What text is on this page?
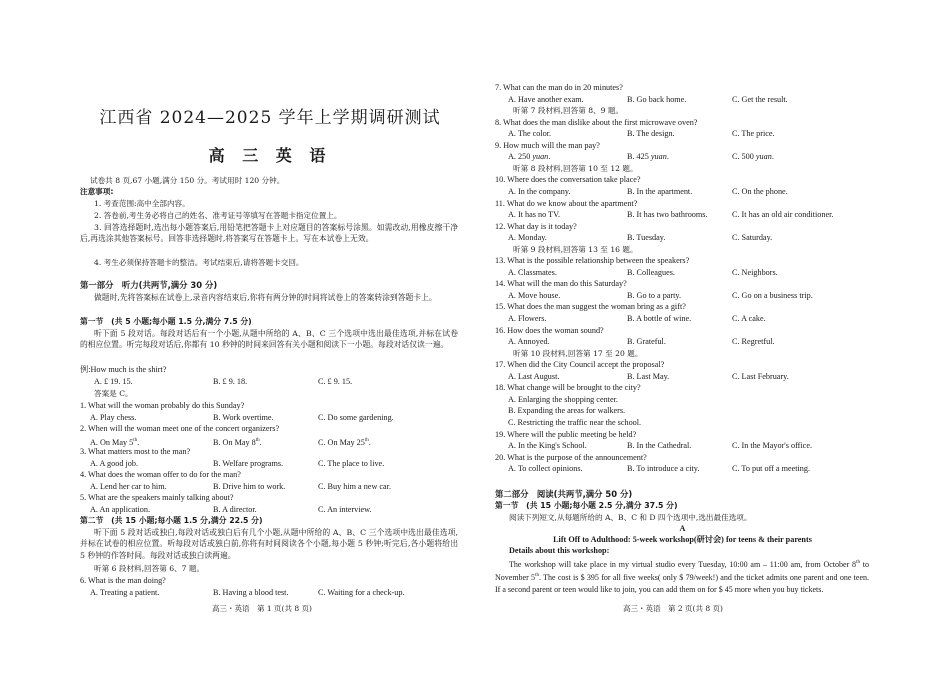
江西省 2024—2025 学年上学期调研测试
高 三 英 语
试卷共 8 页,67 小题,满分 150 分。考试用时 120 分钟。
注意事项:
1. 考查范围:高中全部内容。
2. 答卷前,考生务必将自己的姓名、准考证号等填写在答题卡指定位置上。
3. 回答选择题时,选出每小题答案后,用铅笔把答题卡上对应题目的答案标号涂黑。如需改动,用橡皮擦干净后,再选涂其他答案标号。回答非选择题时,将答案写在答题卡上。写在本试卷上无效。
4. 考生必须保持答题卡的整洁。考试结束后,请将答题卡交回。
第一部分　听力(共两节,满分 30 分)
做题时,先将答案标在试卷上,录音内容结束后,你将有两分钟的时间将试卷上的答案转涂到答题卡上。
第一节　(共 5 小题;每小题 1.5 分,满分 7.5 分)
听下面 5 段对话。每段对话后有一个小题,从题中所给的 A、B、C 三个选项中选出最佳选项,并标在试卷的相应位置。听完每段对话后,你都有 10 秒钟的时间来回答有关小题和阅读下一小题。每段对话仅读一遍。
例:How much is the shirt?
A. £ 19. 15.	B. £ 9. 18.	C. £ 9. 15.
答案是 C。
1. What will the woman probably do this Sunday?
A. Play chess.	B. Work overtime.	C. Do some gardening.
2. When will the woman meet one of the concert organizers?
A. On May 5th.	B. On May 8th.	C. On May 25th.
3. What matters most to the man?
A. A good job.	B. Welfare programs.	C. The place to live.
4. What does the woman offer to do for the man?
A. Lend her car to him.	B. Drive him to work.	C. Buy him a new car.
5. What are the speakers mainly talking about?
A. An application.	B. A director.	C. An interview.
第二节　(共 15 小题;每小题 1.5 分,满分 22.5 分)
听下面 5 段对话或独白,每段对话或独白后有几个小题,从题中所给的 A、B、C 三个选项中选出最佳选项,并标在试卷的相应位置。听每段对话或独白前,你将有时间阅读各个小题,每小题 5 秒钟;听完后,各小题将给出 5 秒钟的作答时间。每段对话或独白读两遍。
听第 6 段材料,回答第 6、7 题。
6. What is the man doing?
A. Treating a patient.	B. Having a blood test.	C. Waiting for a check-up.
高三・英语　第 1 页(共 8 页)
7. What can the man do in 20 minutes?
A. Have another exam.	B. Go back home.	C. Get the result.
听第 7 段材料,回答第 8、9 题。
8. What does the man dislike about the first microwave oven?
A. The color.	B. The design.	C. The price.
9. How much will the man pay?
A. 250 yuan.	B. 425 yuan.	C. 500 yuan.
听第 8 段材料,回答第 10 至 12 题。
10. Where does the conversation take place?
A. In the company.	B. In the apartment.	C. On the phone.
11. What do we know about the apartment?
A. It has no TV.	B. It has two bathrooms.	C. It has an old air conditioner.
12. What day is it today?
A. Monday.	B. Tuesday.	C. Saturday.
听第 9 段材料,回答第 13 至 16 题。
13. What is the possible relationship between the speakers?
A. Classmates.	B. Colleagues.	C. Neighbors.
14. What will the man do this Saturday?
A. Move house.	B. Go to a party.	C. Go on a business trip.
15. What does the man suggest the woman bring as a gift?
A. Flowers.	B. A bottle of wine.	C. A cake.
16. How does the woman sound?
A. Annoyed.	B. Grateful.	C. Regretful.
听第 10 段材料,回答第 17 至 20 题。
17. When did the City Council accept the proposal?
A. Last August.	B. Last May.	C. Last February.
18. What change will be brought to the city?
A. Enlarging the shopping center.
B. Expanding the areas for walkers.
C. Restricting the traffic near the school.
19. Where will the public meeting be held?
A. In the King's School.	B. In the Cathedral.	C. In the Mayor's office.
20. What is the purpose of the announcement?
A. To collect opinions.	B. To introduce a city.	C. To put off a meeting.
第二部分　阅读(共两节,满分 50 分)
第一节　(共 15 小题;每小题 2.5 分,满分 37.5 分)
阅读下列短文,从每题所给的 A、B、C 和 D 四个选项中,选出最佳选项。
A
Lift Off to Adulthood: 5-week workshop(研讨会) for teens & their parents
Details about this workshop:
The workshop will take place in my virtual studio every Tuesday, 10:00 am – 11:00 am, from October 8th to November 5th. The cost is $ 395 for all five weeks( only $ 79/week!) and the ticket admits one parent and one teen. If a second parent or teen would like to join, you can add them on for $ 45 more when you buy tickets.
高三・英语　第 2 页(共 8 页)
